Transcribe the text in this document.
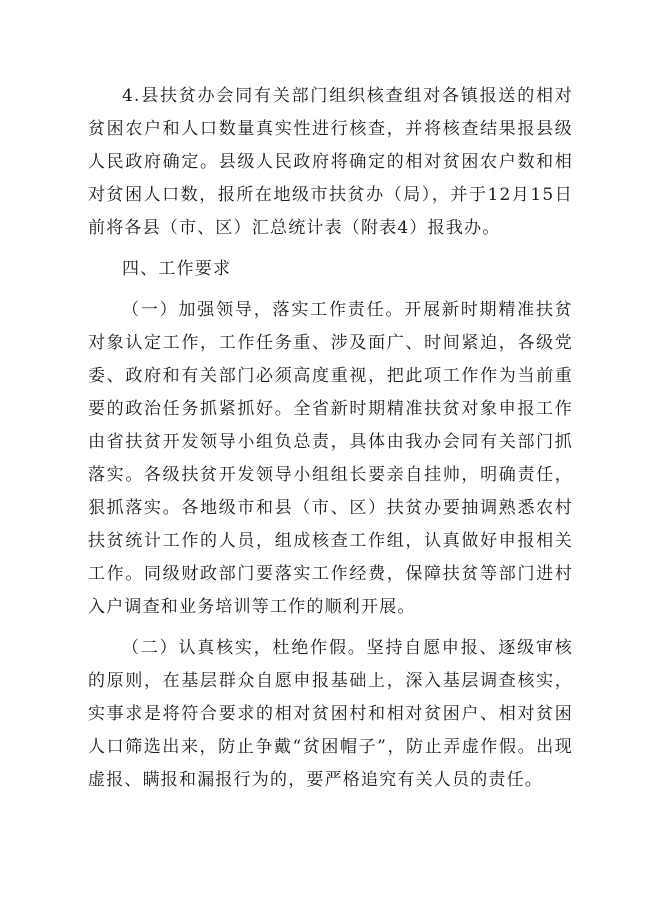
4.县扶贫办会同有关部门组织核查组对各镇报送的相对贫困农户和人口数量真实性进行核查，并将核查结果报县级人民政府确定。县级人民政府将确定的相对贫困农户数和相对贫困人口数，报所在地级市扶贫办（局），并于12月15日前将各县（市、区）汇总统计表（附表4）报我办。

四、工作要求

（一）加强领导，落实工作责任。开展新时期精准扶贫对象认定工作，工作任务重、涉及面广、时间紧迫，各级党委、政府和有关部门必须高度重视，把此项工作作为当前重要的政治任务抓紧抓好。全省新时期精准扶贫对象申报工作由省扶贫开发领导小组负总责，具体由我办会同有关部门抓落实。各级扶贫开发领导小组组长要亲自挂帅，明确责任，狠抓落实。各地级市和县（市、区）扶贫办要抽调熟悉农村扶贫统计工作的人员，组成核查工作组，认真做好申报相关工作。同级财政部门要落实工作经费，保障扶贫等部门进村入户调查和业务培训等工作的顺利开展。

（二）认真核实，杜绝作假。坚持自愿申报、逐级审核的原则，在基层群众自愿申报基础上，深入基层调查核实，实事求是将符合要求的相对贫困村和相对贫困户、相对贫困人口筛选出来，防止争戴“贫困帽子”，防止弄虚作假。出现虚报、瞒报和漏报行为的，要严格追究有关人员的责任。
